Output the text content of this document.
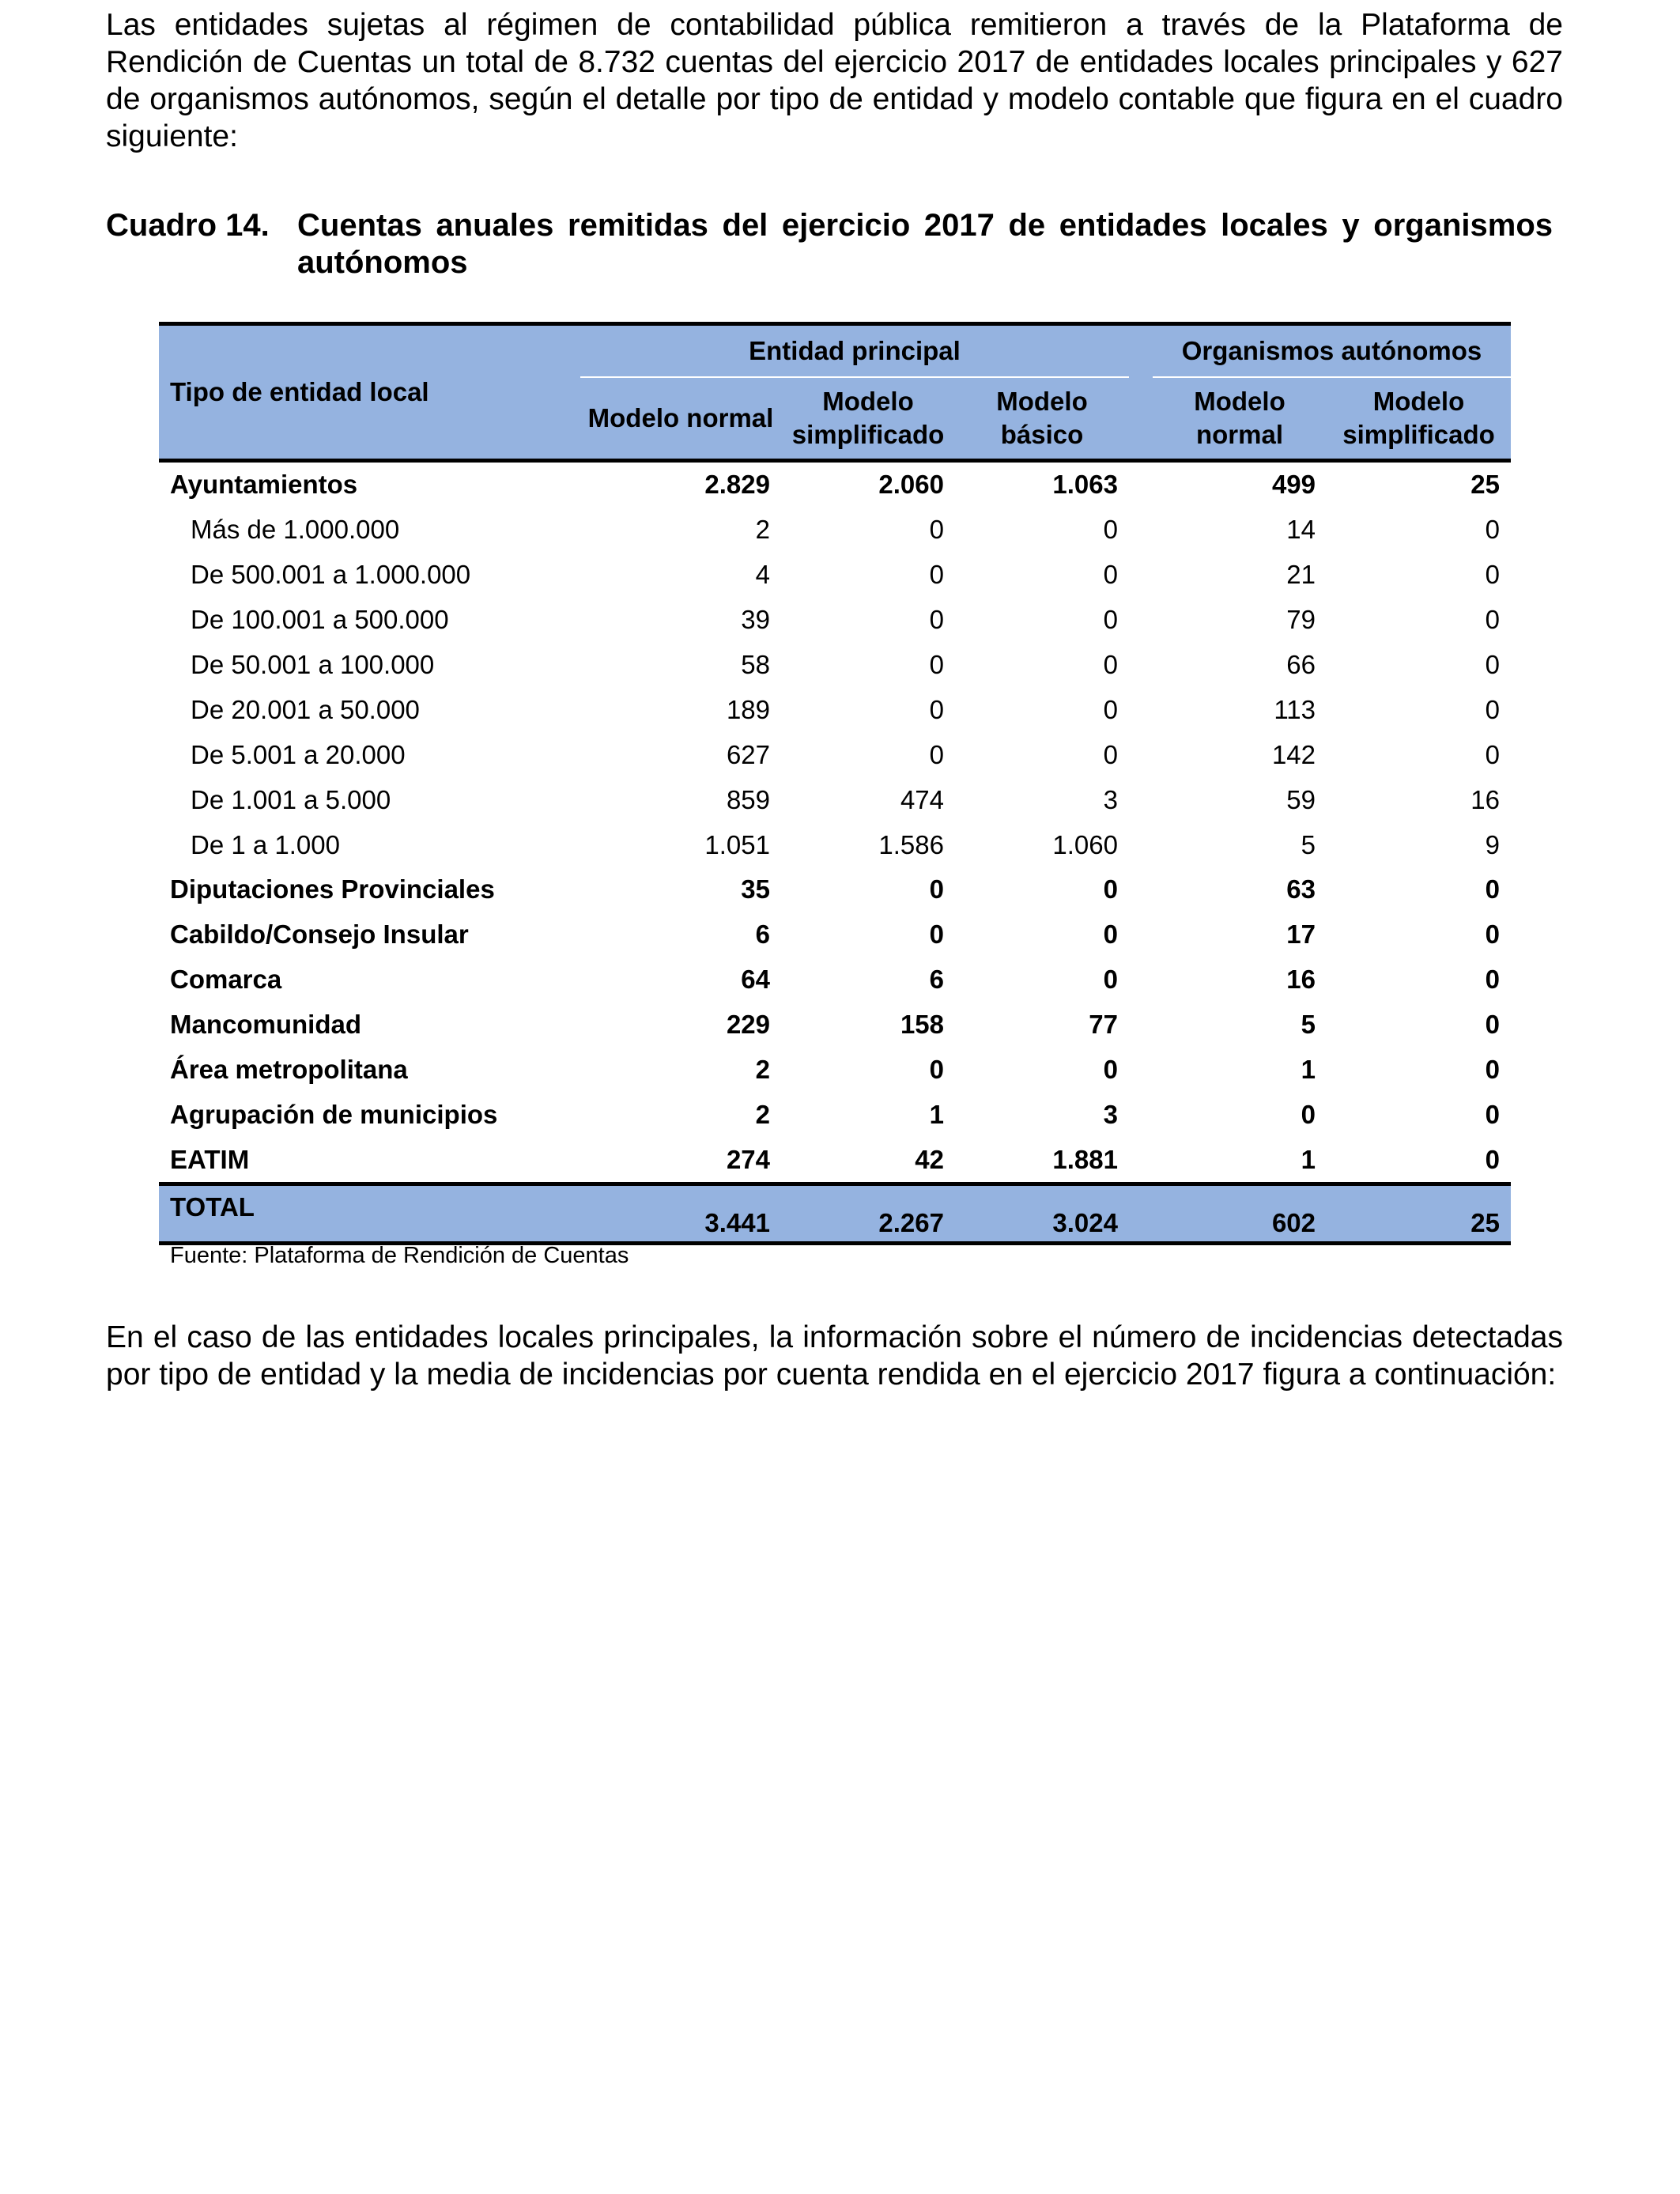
Las entidades sujetas al régimen de contabilidad pública remitieron a través de la Plataforma de Rendición de Cuentas un total de 8.732 cuentas del ejercicio 2017 de entidades locales principales y 627 de organismos autónomos, según el detalle por tipo de entidad y modelo contable que figura en el cuadro siguiente:

Cuadro 14. Cuentas anuales remitidas del ejercicio 2017 de entidades locales y organismos autónomos
Tipo de entidad local	Entidad principal				Organismos autónomos	
	Modelo normal	Modelo simplificado	Modelo básico		Modelo normal	Modelo simplificado
Ayuntamientos	2.829	2.060	1.063		499	25
Más de 1.000.000	2	0	0		14	0
De 500.001 a 1.000.000	4	0	0		21	0
De 100.001 a 500.000	39	0	0		79	0
De 50.001 a 100.000	58	0	0		66	0
De 20.001 a 50.000	189	0	0		113	0
De 5.001 a 20.000	627	0	0		142	0
De 1.001 a 5.000	859	474	3		59	16
De 1 a 1.000	1.051	1.586	1.060		5	9
Diputaciones Provinciales	35	0	0		63	0
Cabildo/Consejo Insular	6	0	0		17	0
Comarca	64	6	0		16	0
Mancomunidad	229	158	77		5	0
Área metropolitana	2	0	0		1	0
Agrupación de municipios	2	1	3		0	0
EATIM	274	42	1.881		1	0
TOTAL	3.441	2.267	3.024		602	25
Fuente: Plataforma de Rendición de Cuentas

En el caso de las entidades locales principales, la información sobre el número de incidencias detectadas por tipo de entidad y la media de incidencias por cuenta rendida en el ejercicio 2017 figura a continuación:
